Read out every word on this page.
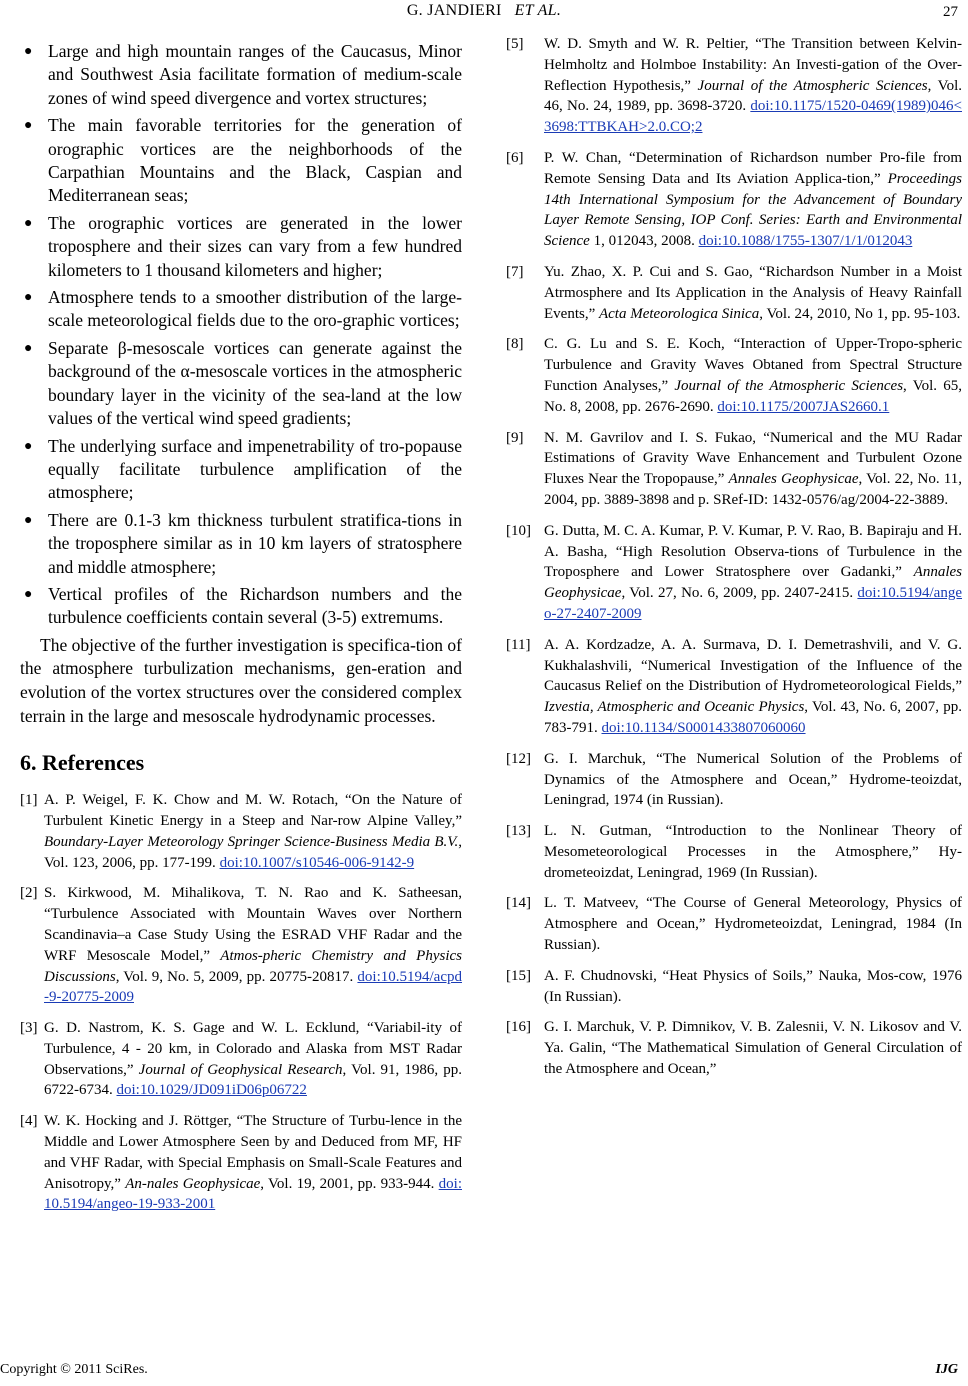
G. JANDIERI ET AL.	27
● Large and high mountain ranges of the Caucasus, Minor and Southwest Asia facilitate formation of medium-scale zones of wind speed divergence and vortex structures;
● The main favorable territories for the generation of orographic vortices are the neighborhoods of the Carpathian Mountains and the Black, Caspian and Mediterranean seas;
● The orographic vortices are generated in the lower troposphere and their sizes can vary from a few hundred kilometers to 1 thousand kilometers and higher;
● Atmosphere tends to a smoother distribution of the large-scale meteorological fields due to the oro-graphic vortices;
● Separate β-mesoscale vortices can generate against the background of the α-mesoscale vortices in the atmospheric boundary layer in the vicinity of the sea-land at the low values of the vertical wind speed gradients;
● The underlying surface and impenetrability of tro-popause equally facilitate turbulence amplification of the atmosphere;
● There are 0.1-3 km thickness turbulent stratifica-tions in the troposphere similar as in 10 km layers of stratosphere and middle atmosphere;
● Vertical profiles of the Richardson numbers and the turbulence coefficients contain several (3-5) extremums.

The objective of the further investigation is specifica-tion of the atmosphere turbulization mechanisms, gen-eration and evolution of the vortex structures over the considered complex terrain in the large and mesoscale hydrodynamic processes.

6. References
[1] A. P. Weigel, F. K. Chow and M. W. Rotach, “On the Nature of Turbulent Kinetic Energy in a Steep and Nar-row Alpine Valley,” Boundary-Layer Meteorology Springer Science-Business Media B.V., Vol. 123, 2006, pp. 177-199. doi:10.1007/s10546-006-9142-9
[2] S. Kirkwood, M. Mihalikova, T. N. Rao and K. Satheesan, “Turbulence Associated with Mountain Waves over Northern Scandinavia–a Case Study Using the ESRAD VHF Radar and the WRF Mesoscale Model,” Atmos-pheric Chemistry and Physics Discussions, Vol. 9, No. 5, 2009, pp. 20775-20817. doi:10.5194/acpd-9-20775-2009
[3] G. D. Nastrom, K. S. Gage and W. L. Ecklund, “Variabil-ity of Turbulence, 4 - 20 km, in Colorado and Alaska from MST Radar Observations,” Journal of Geophysical Research, Vol. 91, 1986, pp. 6722-6734. doi:10.1029/JD091iD06p06722
[4] W. K. Hocking and J. Röttger, “The Structure of Turbu-lence in the Middle and Lower Atmosphere Seen by and Deduced from MF, HF and VHF Radar, with Special Emphasis on Small-Scale Features and Anisotropy,” An-nales Geophysicae, Vol. 19, 2001, pp. 933-944. doi:10.5194/angeo-19-933-2001
[5] W. D. Smyth and W. R. Peltier, “The Transition between Kelvin-Helmholtz and Holmboe Instability: An Investi-gation of the Over-Reflection Hypothesis,” Journal of the Atmospheric Sciences, Vol. 46, No. 24, 1989, pp. 3698-3720. doi:10.1175/1520-0469(1989)046<3698:TTBKAH>2.0.CO;2
[6] P. W. Chan, “Determination of Richardson number Pro-file from Remote Sensing Data and Its Aviation Applica-tion,” Proceedings 14th International Symposium for the Advancement of Boundary Layer Remote Sensing, IOP Conf. Series: Earth and Environmental Science 1, 012043, 2008. doi:10.1088/1755-1307/1/1/012043
[7] Yu. Zhao, X. P. Cui and S. Gao, “Richardson Number in a Moist Atrmosphere and Its Application in the Analysis of Heavy Rainfall Events,” Acta Meteorologica Sinica, Vol. 24, 2010, No 1, pp. 95-103.
[8] C. G. Lu and S. E. Koch, “Interaction of Upper-Tropo-spheric Turbulence and Gravity Waves Obtaned from Spectral Structure Function Analyses,” Journal of the Atmospheric Sciences, Vol. 65, No. 8, 2008, pp. 2676-2690. doi:10.1175/2007JAS2660.1
[9] N. M. Gavrilov and I. S. Fukao, “Numerical and the MU Radar Estimations of Gravity Wave Enhancement and Turbulent Ozone Fluxes Near the Tropopause,” Annales Geophysicae, Vol. 22, No. 11, 2004, pp. 3889-3898 and p. SRef-ID: 1432-0576/ag/2004-22-3889.
[10] G. Dutta, M. C. A. Kumar, P. V. Kumar, P. V. Rao, B. Bapiraju and H. A. Basha, “High Resolution Observa-tions of Turbulence in the Troposphere and Lower Stratosphere over Gadanki,” Annales Geophysicae, Vol. 27, No. 6, 2009, pp. 2407-2415. doi:10.5194/angeo-27-2407-2009
[11] A. A. Kordzadze, A. A. Surmava, D. I. Demetrashvili, and V. G. Kukhalashvili, “Numerical Investigation of the Influence of the Caucasus Relief on the Distribution of Hydrometeorological Fields,” Izvestia, Atmospheric and Oceanic Physics, Vol. 43, No. 6, 2007, pp. 783-791. doi:10.1134/S0001433807060060
[12] G. I. Marchuk, “The Numerical Solution of the Problems of Dynamics of the Atmosphere and Ocean,” Hydrome-teoizdat, Leningrad, 1974 (in Russian).
[13] L. N. Gutman, “Introduction to the Nonlinear Theory of Mesometeorological Processes in the Atmosphere,” Hy-drometeoizdat, Leningrad, 1969 (In Russian).
[14] L. T. Matveev, “The Course of General Meteorology, Physics of Atmosphere and Ocean,” Hydrometeoizdat, Leningrad, 1984 (In Russian).
[15] A. F. Chudnovski, “Heat Physics of Soils,” Nauka, Mos-cow, 1976 (In Russian).
[16] G. I. Marchuk, V. P. Dimnikov, V. B. Zalesnii, V. N. Likosov and V. Ya. Galin, “The Mathematical Simulation of General Circulation of the Atmosphere and Ocean,”
Copyright © 2011 SciRes.	IJG
